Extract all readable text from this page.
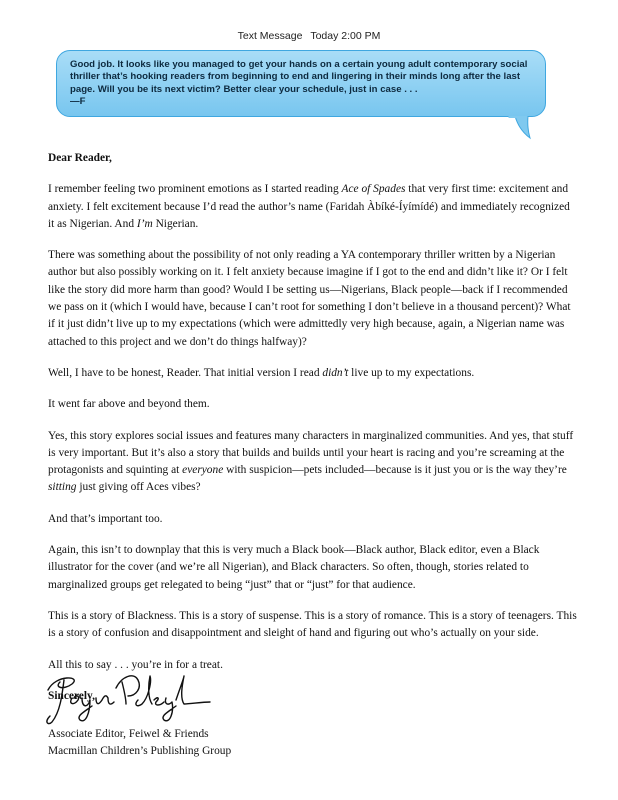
Text Message Today 2:00 PM
Good job. It looks like you managed to get your hands on a certain young adult contemporary social thriller that’s hooking readers from beginning to end and lingering in their minds long after the last page. Will you be its next victim? Better clear your schedule, just in case . . .
—F

Dear Reader,

I remember feeling two prominent emotions as I started reading Ace of Spades that very first time: excitement and anxiety. I felt excitement because I’d read the author’s name (Faridah Àbíké-Íyímídé) and immediately recognized it as Nigerian. And I’m Nigerian.

There was something about the possibility of not only reading a YA contemporary thriller written by a Nigerian author but also possibly working on it. I felt anxiety because imagine if I got to the end and didn’t like it? Or I felt like the story did more harm than good? Would I be setting us—Nigerians, Black people—back if I recommended we pass on it (which I would have, because I can’t root for something I don’t believe in a thousand percent)? What if it just didn’t live up to my expectations (which were admittedly very high because, again, a Nigerian name was attached to this project and we don’t do things halfway)?

Well, I have to be honest, Reader. That initial version I read didn’t live up to my expectations.

It went far above and beyond them.

Yes, this story explores social issues and features many characters in marginalized communities. And yes, that stuff is very important. But it’s also a story that builds and builds until your heart is racing and you’re screaming at the protagonists and squinting at everyone with suspicion—pets included—because is it just you or is the way they’re sitting just giving off Aces vibes?

And that’s important too.

Again, this isn’t to downplay that this is very much a Black book—Black author, Black editor, even a Black illustrator for the cover (and we’re all Nigerian), and Black characters. So often, though, stories related to marginalized groups get relegated to being “just” that or “just” for that audience.

This is a story of Blackness. This is a story of suspense. This is a story of romance. This is a story of teenagers. This is a story of confusion and disappointment and sleight of hand and figuring out who’s actually on your side.

All this to say . . . you’re in for a treat.

Sincerely,

Associate Editor, Feiwel & Friends
Macmillan Children’s Publishing Group
